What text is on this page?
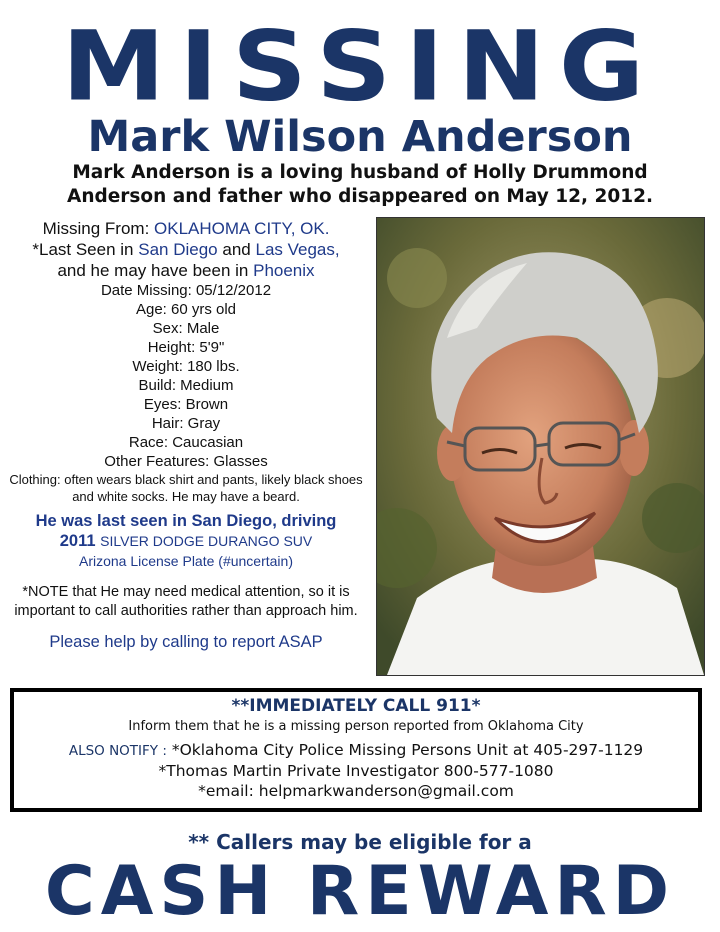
MISSING
Mark Wilson Anderson
Mark Anderson is a loving husband of Holly Drummond Anderson and father who disappeared on May 12, 2012.
Missing From: OKLAHOMA CITY, OK.
*Last Seen in San Diego and Las Vegas,
and he may have been in Phoenix
Date Missing: 05/12/2012
Age: 60 yrs old
Sex: Male
Height: 5'9"
Weight: 180 lbs.
Build: Medium
Eyes: Brown
Hair: Gray
Race: Caucasian
Other Features: Glasses
Clothing: often wears black shirt and pants, likely black shoes and white socks. He may have a beard.
He was last seen in San Diego, driving
2011 SILVER DODGE DURANGO SUV
Arizona License Plate (#uncertain)
*NOTE that He may need medical attention, so it is important to call authorities rather than approach him.
Please help by calling to report ASAP
**IMMEDIATELY CALL 911*
Inform them that he is a missing person reported from Oklahoma City
ALSO NOTIFY : *Oklahoma City Police Missing Persons Unit at 405-297-1129
*Thomas Martin Private Investigator 800-577-1080
*email: helpmarkwanderson@gmail.com
** Callers may be eligible for a
CASH REWARD
